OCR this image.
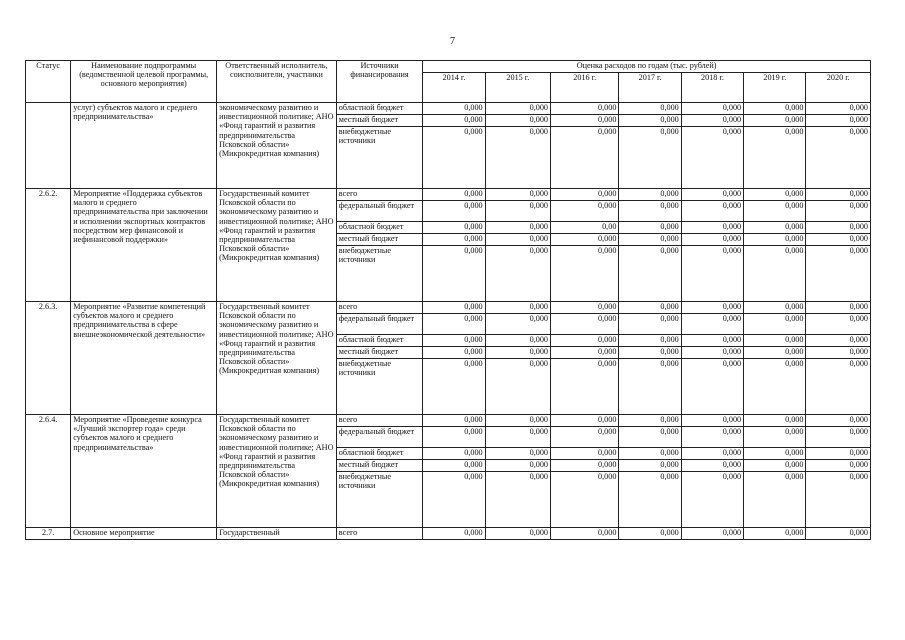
7
Статус	Наименование подпрограммы (ведомственной целевой программы, основного мероприятия)	Ответственный исполнитель, соисполнители, участники	Источники финансирования	Оценка расходов по годам (тыс. рублей)						
				2014 г.	2015 г.	2016 г.	2017 г.	2018 г.	2019 г.	2020 г.
	услуг) субъектов малого и среднего предпринимательства»	экономическому развитию и инвестиционной политике; АНО «Фонд гарантий и развития предпринимательства Псковской области» (Микрокредитная компания)	областной бюджет	0,000	0,000	0,000	0,000	0,000	0,000	0,000
			местный бюджет	0,000	0,000	0,000	0,000	0,000	0,000	0,000
			внебюджетные источники	0,000	0,000	0,000	0,000	0,000	0,000	0,000
2.6.2.	Мероприятие «Поддержка субъектов малого и среднего предпринимательства при заключении и исполнении экспортных контрактов посредством мер финансовой и нефинансовой поддержки»	Государственный комитет Псковской области по экономическому развитию и инвестиционной политике; АНО «Фонд гарантий и развития предпринимательства Псковской области» (Микрокредитная компания)	всего	0,000	0,000	0,000	0,000	0,000	0,000	0,000
			федеральный бюджет	0,000	0,000	0,000	0,000	0,000	0,000	0,000
			областной бюджет	0,000	0,000	0,00	0,000	0,000	0,000	0,000
			местный бюджет	0,000	0,000	0,000	0,000	0,000	0,000	0,000
			внебюджетные источники	0,000	0,000	0,000	0,000	0,000	0,000	0,000
2.6.3.	Мероприятие «Развитие компетенций субъектов малого и среднего предпринимательства в сфере внешнеэкономической деятельности»	Государственный комитет Псковской области по экономическому развитию и инвестиционной политике; АНО «Фонд гарантий и развития предпринимательства Псковской области» (Микрокредитная компания)	всего	0,000	0,000	0,000	0,000	0,000	0,000	0,000
			федеральный бюджет	0,000	0,000	0,000	0,000	0,000	0,000	0,000
			областной бюджет	0,000	0,000	0,000	0,000	0,000	0,000	0,000
			местный бюджет	0,000	0,000	0,000	0,000	0,000	0,000	0,000
			внебюджетные источники	0,000	0,000	0,000	0,000	0,000	0,000	0,000
2.6.4.	Мероприятие «Проведение конкурса «Лучший экспортер года» среди субъектов малого и среднего предпринимательства»	Государственный комитет Псковской области по экономическому развитию и инвестиционной политике; АНО «Фонд гарантий и развития предпринимательства Псковской области» (Микрокредитная компания)	всего	0,000	0,000	0,000	0,000	0,000	0,000	0,000
			федеральный бюджет	0,000	0,000	0,000	0,000	0,000	0,000	0,000
			областной бюджет	0,000	0,000	0,000	0,000	0,000	0,000	0,000
			местный бюджет	0,000	0,000	0,000	0,000	0,000	0,000	0,000
			внебюджетные источники	0,000	0,000	0,000	0,000	0,000	0,000	0,000
2.7.	Основное мероприятие	Государственный	всего	0,000	0,000	0,000	0,000	0,000	0,000	0,000
